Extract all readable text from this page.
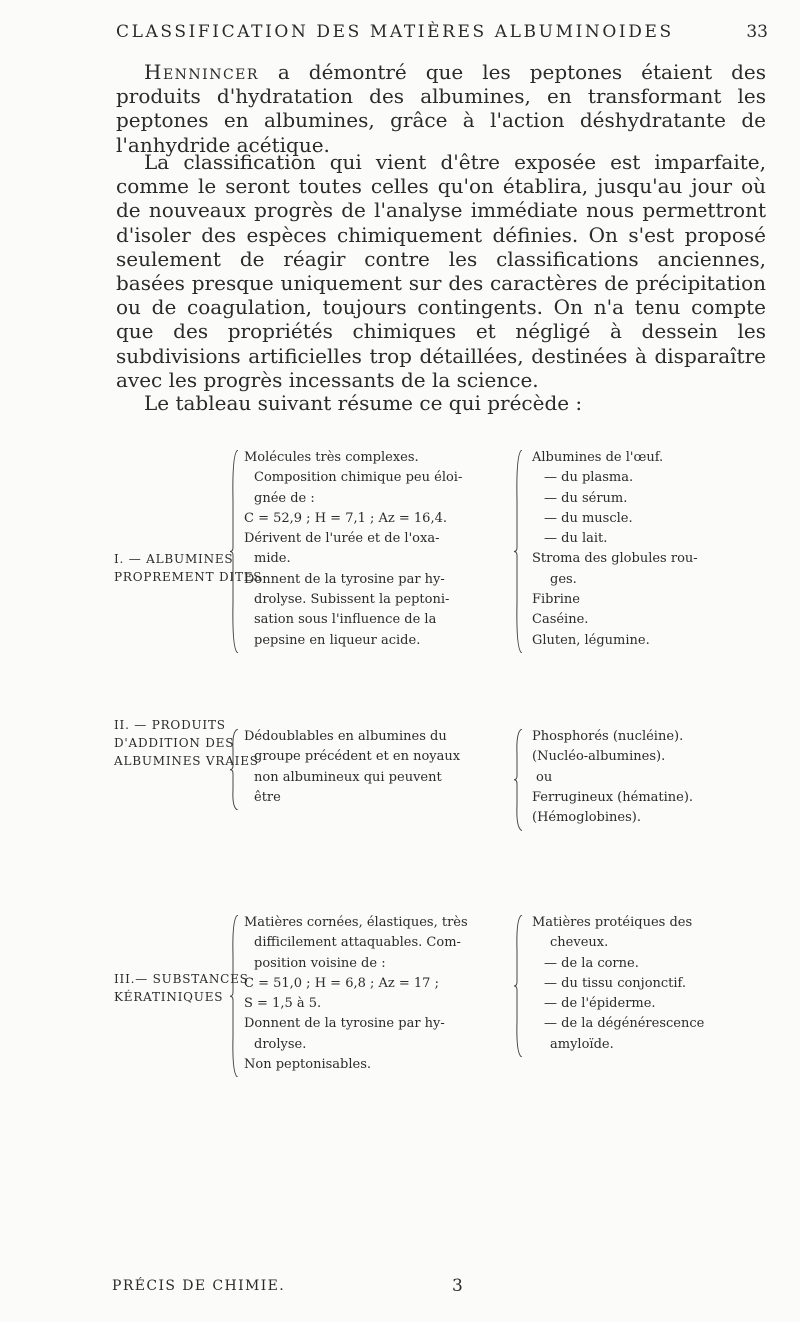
CLASSIFICATION DES MATIÈRES ALBUMINOIDES	33

Hennincer a démontré que les peptones étaient des produits d'hydratation des albumines, en transformant les peptones en albumines, grâce à l'action déshydratante de l'anhydride acétique.

La classification qui vient d'être exposée est imparfaite, comme le seront toutes celles qu'on établira, jusqu'au jour où de nouveaux progrès de l'analyse immédiate nous permettront d'isoler des espèces chimiquement définies. On s'est proposé seulement de réagir contre les classifications anciennes, basées presque uniquement sur des caractères de précipitation ou de coagulation, toujours contingents. On n'a tenu compte que des propriétés chimiques et négligé à dessein les subdivisions artificielles trop détaillées, destinées à disparaître avec les progrès incessants de la science.

Le tableau suivant résume ce qui précède :

I. — ALBUMINES
PROPREMENT DITES
Molécules très complexes.
Composition chimique peu éloi-
gnée de :
C = 52,9 ; H = 7,1 ; Az = 16,4.
Dérivent de l'urée et de l'oxa-
mide.
Donnent de la tyrosine par hy-
drolyse. Subissent la peptoni-
sation sous l'influence de la
pepsine en liqueur acide.
Albumines de l'œuf.
— du plasma.
— du sérum.
— du muscle.
— du lait.
Stroma des globules rou-
ges.
Fibrine
Caséine.
Gluten, légumine.
II. — PRODUITS
D'ADDITION DES
ALBUMINES VRAIES
Dédoublables en albumines du
groupe précédent et en noyaux
non albumineux qui peuvent
être
Phosphorés (nucléine).
(Nucléo-albumines).
ou
Ferrugineux (hématine).
(Hémoglobines).
III.— SUBSTANCES
KÉRATINIQUES
Matières cornées, élastiques, très
difficilement attaquables. Com-
position voisine de :
C = 51,0 ; H = 6,8 ; Az = 17 ;
S = 1,5 à 5.
Donnent de la tyrosine par hy-
drolyse.
Non peptonisables.
Matières protéiques des
cheveux.
— de la corne.
— du tissu conjonctif.
— de l'épiderme.
— de la dégénérescence
amyloïde.
PRÉCIS DE CHIMIE.	3
